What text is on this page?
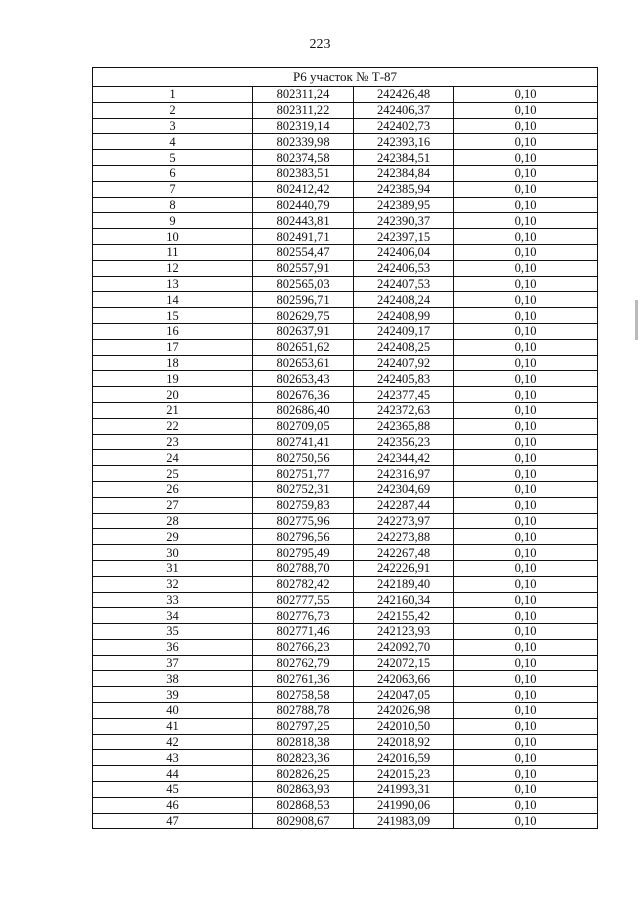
223
Р6 участок № Т-87			
1	802311,24	242426,48	0,10
2	802311,22	242406,37	0,10
3	802319,14	242402,73	0,10
4	802339,98	242393,16	0,10
5	802374,58	242384,51	0,10
6	802383,51	242384,84	0,10
7	802412,42	242385,94	0,10
8	802440,79	242389,95	0,10
9	802443,81	242390,37	0,10
10	802491,71	242397,15	0,10
11	802554,47	242406,04	0,10
12	802557,91	242406,53	0,10
13	802565,03	242407,53	0,10
14	802596,71	242408,24	0,10
15	802629,75	242408,99	0,10
16	802637,91	242409,17	0,10
17	802651,62	242408,25	0,10
18	802653,61	242407,92	0,10
19	802653,43	242405,83	0,10
20	802676,36	242377,45	0,10
21	802686,40	242372,63	0,10
22	802709,05	242365,88	0,10
23	802741,41	242356,23	0,10
24	802750,56	242344,42	0,10
25	802751,77	242316,97	0,10
26	802752,31	242304,69	0,10
27	802759,83	242287,44	0,10
28	802775,96	242273,97	0,10
29	802796,56	242273,88	0,10
30	802795,49	242267,48	0,10
31	802788,70	242226,91	0,10
32	802782,42	242189,40	0,10
33	802777,55	242160,34	0,10
34	802776,73	242155,42	0,10
35	802771,46	242123,93	0,10
36	802766,23	242092,70	0,10
37	802762,79	242072,15	0,10
38	802761,36	242063,66	0,10
39	802758,58	242047,05	0,10
40	802788,78	242026,98	0,10
41	802797,25	242010,50	0,10
42	802818,38	242018,92	0,10
43	802823,36	242016,59	0,10
44	802826,25	242015,23	0,10
45	802863,93	241993,31	0,10
46	802868,53	241990,06	0,10
47	802908,67	241983,09	0,10
